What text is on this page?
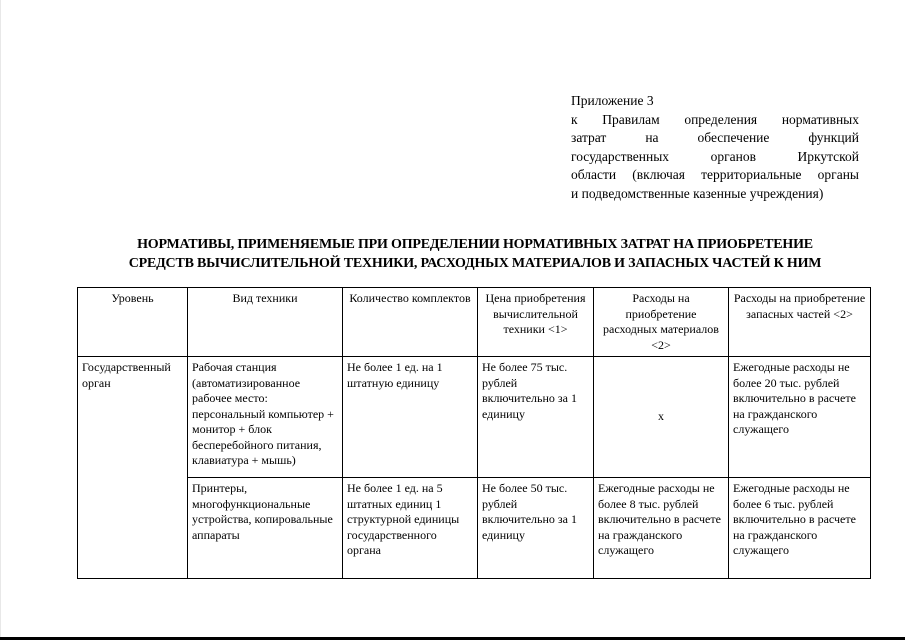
Приложение 3
к Правилам определения нормативных
затрат на обеспечение функций
государственных органов Иркутской
области (включая территориальные органы
и подведомственные казенные учреждения)
НОРМАТИВЫ, ПРИМЕНЯЕМЫЕ ПРИ ОПРЕДЕЛЕНИИ НОРМАТИВНЫХ ЗАТРАТ НА ПРИОБРЕТЕНИЕ
СРЕДСТВ ВЫЧИСЛИТЕЛЬНОЙ ТЕХНИКИ, РАСХОДНЫХ МАТЕРИАЛОВ И ЗАПАСНЫХ ЧАСТЕЙ К НИМ
Уровень	Вид техники	Количество комплектов	Цена приобретения вычислительной техники <1>	Расходы на приобретение расходных материалов <2>	Расходы на приобретение запасных частей <2>
Государственный орган	Рабочая станция (автоматизированное рабочее место: персональный компьютер + монитор + блок бесперебойного питания, клавиатура + мышь)	Не более 1 ед. на 1 штатную единицу	Не более 75 тыс. рублей включительно за 1 единицу	x	Ежегодные расходы не более 20 тыс. рублей включительно в расчете на гражданского служащего
	Принтеры, многофункциональные устройства, копировальные аппараты	Не более 1 ед. на 5 штатных единиц 1 структурной единицы государственного органа	Не более 50 тыс. рублей включительно за 1 единицу	Ежегодные расходы не более 8 тыс. рублей включительно в расчете на гражданского служащего	Ежегодные расходы не более 6 тыс. рублей включительно в расчете на гражданского служащего
